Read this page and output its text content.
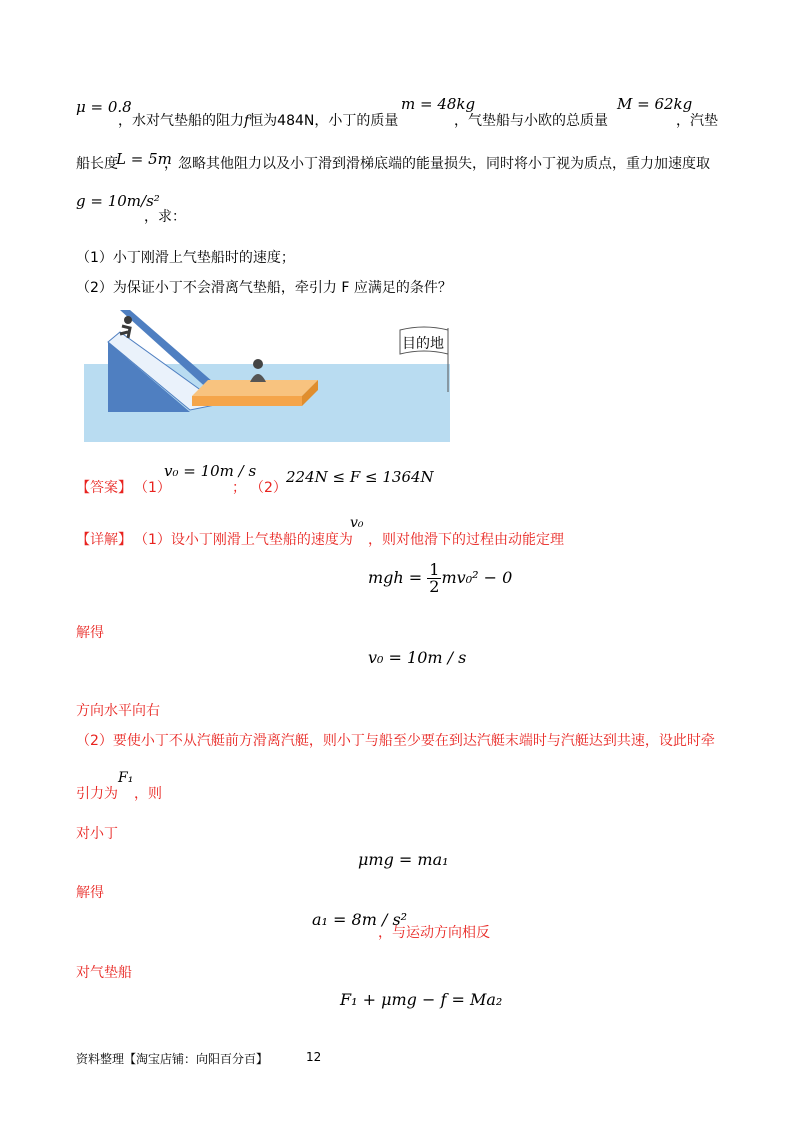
μ = 0.8
，水对气垫船的阻力f恒为484N，小丁的质量
m = 48kg
，气垫船与小欧的总质量
M = 62kg
，汽垫
船长度
L = 5m
，忽略其他阻力以及小丁滑到滑梯底端的能量损失，同时将小丁视为质点，重力加速度取
g = 10m/s²
，求：
（1）小丁刚滑上气垫船时的速度；
（2）为保证小丁不会滑离气垫船，牵引力 F 应满足的条件？
目的地
【答案】 （1）
v₀ = 10m / s
； （2）
224N ≤ F ≤ 1364N
【详解】 （1）设小丁刚滑上气垫船的速度为
v₀
，则对他滑下的过程由动能定理
mgh = $\frac{1}{2} mv_0^2 - 0$
解得
v₀ = 10m / s
方向水平向右
（2）要使小丁不从汽艇前方滑离汽艇，则小丁与船至少要在到达汽艇末端时与汽艇达到共速，设此时牵
引力为
F₁
，则
对小丁
μmg = ma₁
解得
a₁ = 8m / s²
，与运动方向相反
对气垫船
F₁ + μmg − f = Ma₂
资料整理【淘宝店铺：向阳百分百】	12
